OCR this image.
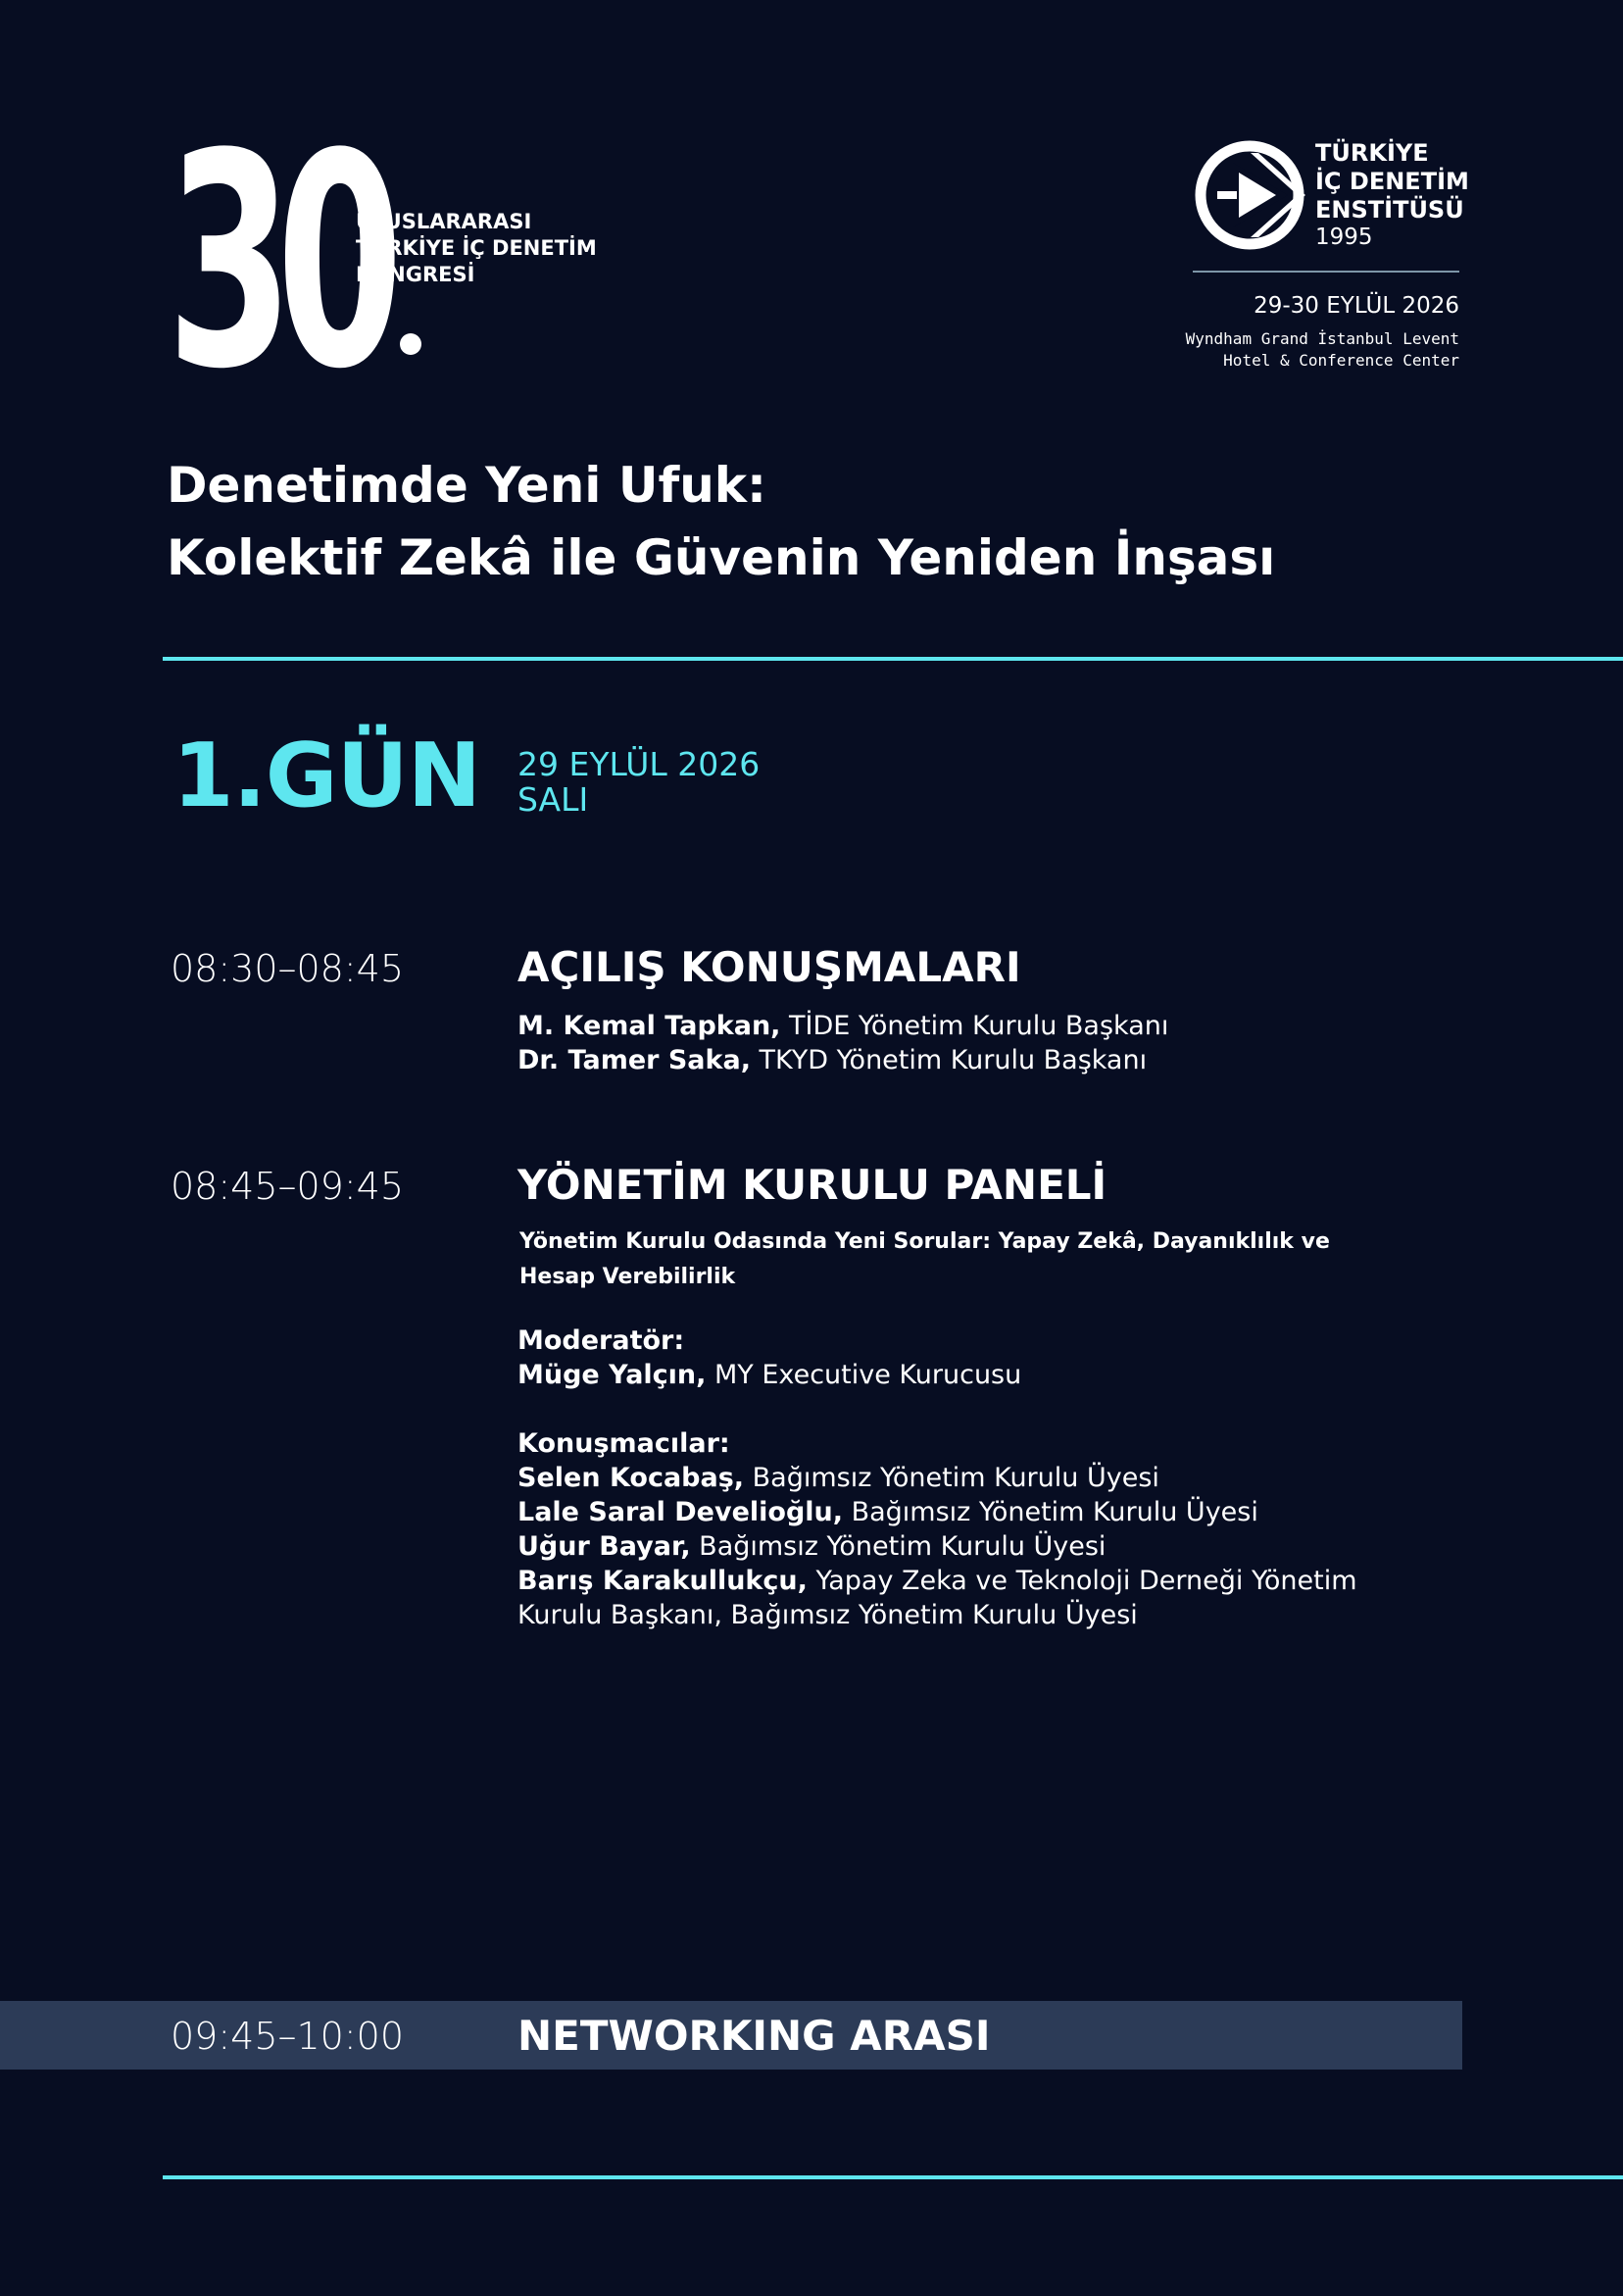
30
ULUSLARARASI
TÜRKİYE İÇ DENETİM
KONGRESİ
TÜRKİYE
İÇ DENETİM
ENSTİTÜSÜ
1995
29-30 EYLÜL 2026
Wyndham Grand İstanbul Levent
Hotel & Conference Center
Denetimde Yeni Ufuk:
Kolektif Zekâ ile Güvenin Yeniden İnşası
1.GÜN 29 EYLÜL 2026
SALI
08:30–08:45	AÇILIŞ KONUŞMALARI
M. Kemal Tapkan, TİDE Yönetim Kurulu Başkanı
Dr. Tamer Saka, TKYD Yönetim Kurulu Başkanı
08:45–09:45	YÖNETİM KURULU PANELİ
Yönetim Kurulu Odasında Yeni Sorular: Yapay Zekâ, Dayanıklılık ve
Hesap Verebilirlik
Moderatör:
Müge Yalçın, MY Executive Kurucusu
Konuşmacılar:
Selen Kocabaş, Bağımsız Yönetim Kurulu Üyesi
Lale Saral Develioğlu, Bağımsız Yönetim Kurulu Üyesi
Uğur Bayar, Bağımsız Yönetim Kurulu Üyesi
Barış Karakullukçu, Yapay Zeka ve Teknoloji Derneği Yönetim
Kurulu Başkanı, Bağımsız Yönetim Kurulu Üyesi
09:45–10:00	NETWORKING ARASI
